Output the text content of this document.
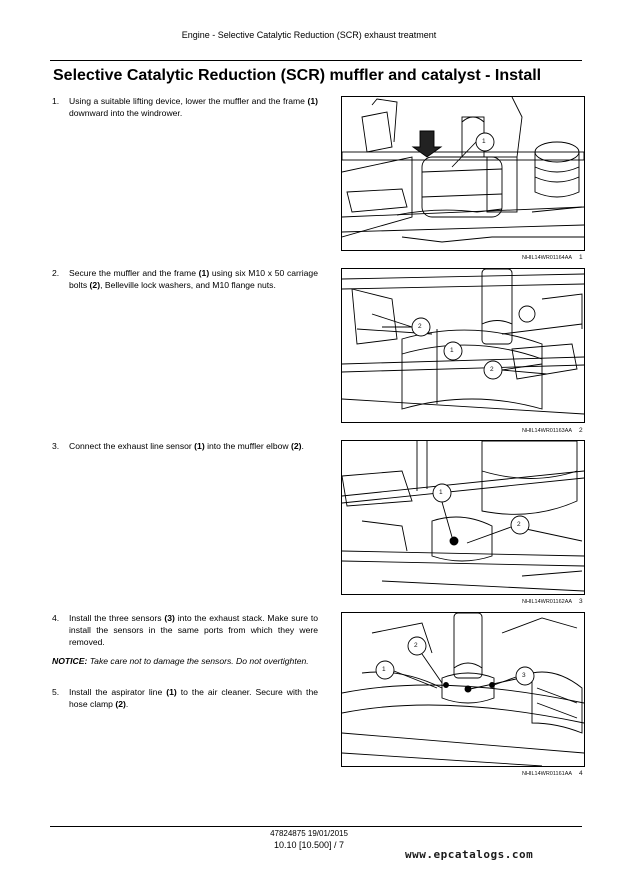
Engine - Selective Catalytic Reduction (SCR) exhaust treatment
Selective Catalytic Reduction (SCR) muffler and catalyst - Install
1. Using a suitable lifting device, lower the muffler and the frame (1) downward into the windrower.
2. Secure the muffler and the frame (1) using six M10 x 50 carriage bolts (2), Belleville lock washers, and M10 flange nuts.
3. Connect the exhaust line sensor (1) into the muffler elbow (2).
4. Install the three sensors (3) into the exhaust stack. Make sure to install the sensors in the same ports from which they were removed.
NOTICE: Take care not to damage the sensors. Do not overtighten.
5. Install the aspirator line (1) to the air cleaner. Secure with the hose clamp (2).
1
NHIL14WR01164AA 1
2
1
2
NHIL14WR01163AA 2
1
2
NHIL14WR01162AA 3
2
1
3
NHIL14WR01161AA 4
47824875 19/01/2015
10.10 [10.500] / 7
www.epcatalogs.com
